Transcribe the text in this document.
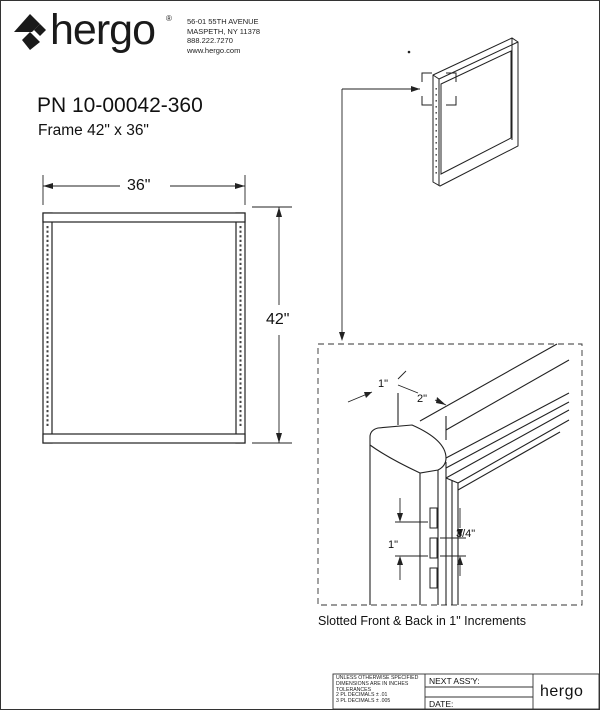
hergo ® 56-01 55TH AVENUE
MASPETH, NY 11378
888.222.7270
www.hergo.com
PN 10-00042-360
Frame 42" x 36"
36"
42"
1"
2"
1"
3/4"
Slotted Front & Back in 1" Increments
UNLESS OTHERWISE SPECIFIED
DIMENSIONS ARE IN INCHES
TOLERANCES
2 PL DECIMALS ± .01
3 PL DECIMALS ± .005
NEXT ASS'Y:
DATE:
hergo
